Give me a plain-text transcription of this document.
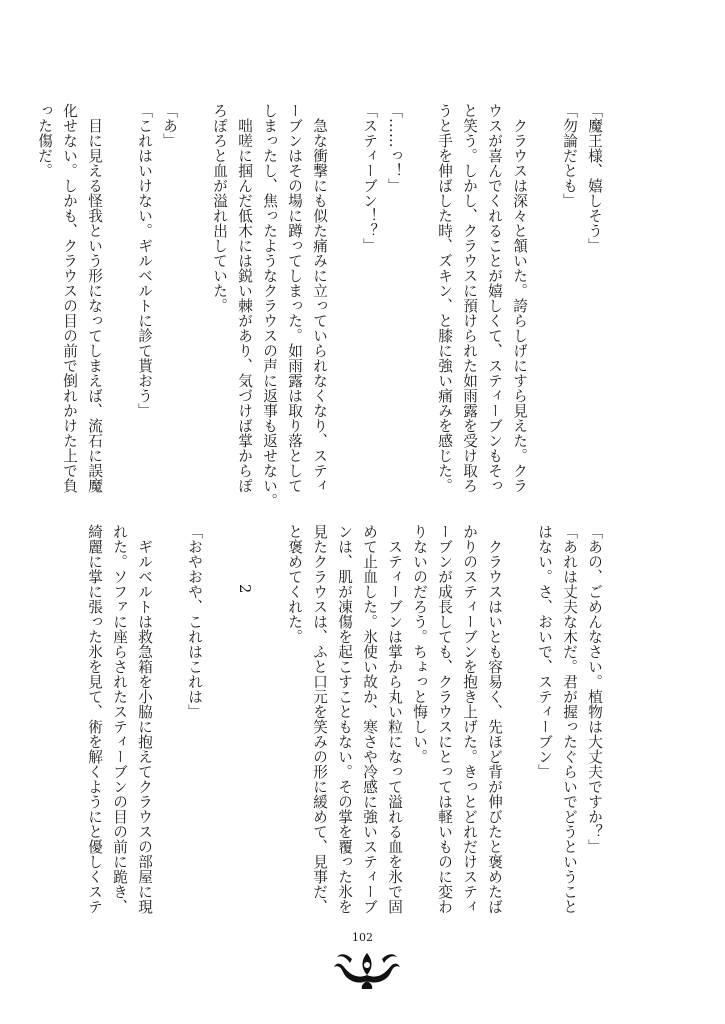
「魔王様、嬉しそう」

「勿論だとも」

　クラウスは深々と頷いた。誇らしげにすら見えた。クラ

ウスが喜んでくれることが嬉しくて、スティーブンもそっ

と笑う。しかし、クラウスに預けられた如雨露を受け取ろ

うと手を伸ばした時、ズキン、と膝に強い痛みを感じた。

「……っ！」

「スティーブン！？」

　急な衝撃にも似た痛みに立っていられなくなり、スティ

ーブンはその場に蹲ってしまった。如雨露は取り落として

しまったし、焦ったようなクラウスの声に返事も返せない。

　咄嗟に掴んだ低木には鋭い棘があり、気づけば掌からぽ

ろぽろと血が溢れ出していた。

「あ」

「これはいけない。ギルベルトに診て貰おう」

　目に見える怪我という形になってしまえば、流石に誤魔

化せない。しかも、クラウスの目の前で倒れかけた上で負

った傷だ。

「あの、ごめんなさい。植物は大丈夫ですか？」

「あれは丈夫な木だ。君が握ったぐらいでどうということ

はない。さ、おいで、スティーブン」

　クラウスはいとも容易く、先ほど背が伸びたと褒めたば

かりのスティーブンを抱き上げた。きっとどれだけスティ

ーブンが成長しても、クラウスにとっては軽いものに変わ

りないのだろう。ちょっと悔しい。

　スティーブンは掌から丸い粒になって溢れる血を氷で固

めて止血した。氷使い故か、寒さや冷感に強いスティーブ

ンは、肌が凍傷を起こすこともない。その掌を覆った氷を

見たクラウスは、ふと口元を笑みの形に緩めて、見事だ、

と褒めてくれた。

2

「おやおや、これはこれは」

　ギルベルトは救急箱を小脇に抱えてクラウスの部屋に現

れた。ソファに座らされたスティーブンの目の前に跪き、

綺麗に掌に張った氷を見て、術を解くようにと優しくステ

102
